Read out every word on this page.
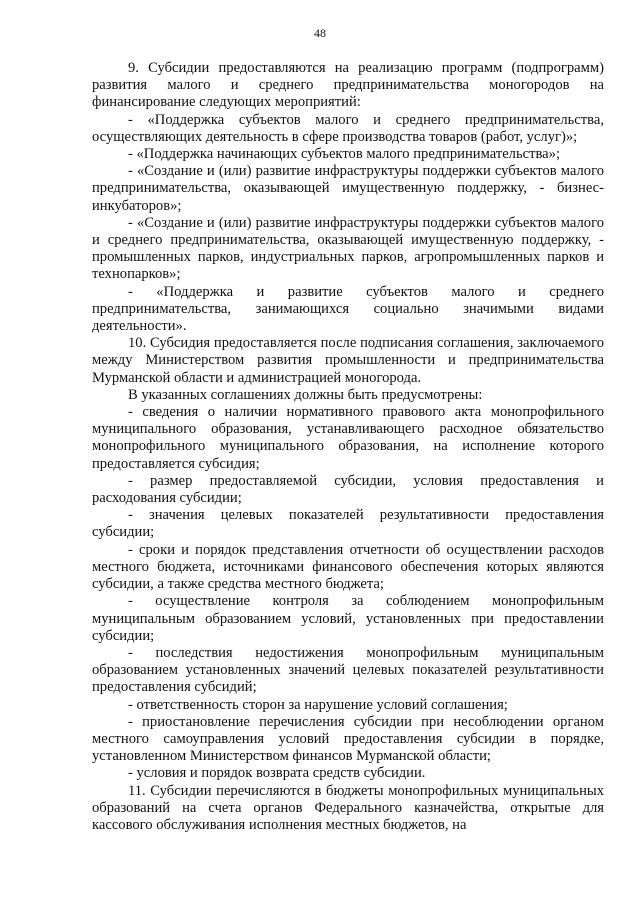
48

9. Субсидии предоставляются на реализацию программ (подпрограмм) развития малого и среднего предпринимательства моногородов на финансирование следующих мероприятий:

- «Поддержка субъектов малого и среднего предпринимательства, осуществляющих деятельность в сфере производства товаров (работ, услуг)»;

- «Поддержка начинающих субъектов малого предпринимательства»;

- «Создание и (или) развитие инфраструктуры поддержки субъектов малого предпринимательства, оказывающей имущественную поддержку, - бизнес-инкубаторов»;

- «Создание и (или) развитие инфраструктуры поддержки субъектов малого и среднего предпринимательства, оказывающей имущественную поддержку, - промышленных парков, индустриальных парков, агропромышленных парков и технопарков»;

- «Поддержка и развитие субъектов малого и среднего предпринимательства, занимающихся социально значимыми видами деятельности».

10. Субсидия предоставляется после подписания соглашения, заключаемого между Министерством развития промышленности и предпринимательства Мурманской области и администрацией моногорода.

В указанных соглашениях должны быть предусмотрены:

- сведения о наличии нормативного правового акта монопрофильного муниципального образования, устанавливающего расходное обязательство монопрофильного муниципального образования, на исполнение которого предоставляется субсидия;

- размер предоставляемой субсидии, условия предоставления и расходования субсидии;

- значения целевых показателей результативности предоставления субсидии;

- сроки и порядок представления отчетности об осуществлении расходов местного бюджета, источниками финансового обеспечения которых являются субсидии, а также средства местного бюджета;

- осуществление контроля за соблюдением монопрофильным муниципальным образованием условий, установленных при предоставлении субсидии;

- последствия недостижения монопрофильным муниципальным образованием установленных значений целевых показателей результативности предоставления субсидий;

- ответственность сторон за нарушение условий соглашения;

- приостановление перечисления субсидии при несоблюдении органом местного самоуправления условий предоставления субсидии в порядке, установленном Министерством финансов Мурманской области;

- условия и порядок возврата средств субсидии.

11. Субсидии перечисляются в бюджеты монопрофильных муниципальных образований на счета органов Федерального казначейства, открытые для кассового обслуживания исполнения местных бюджетов, на
